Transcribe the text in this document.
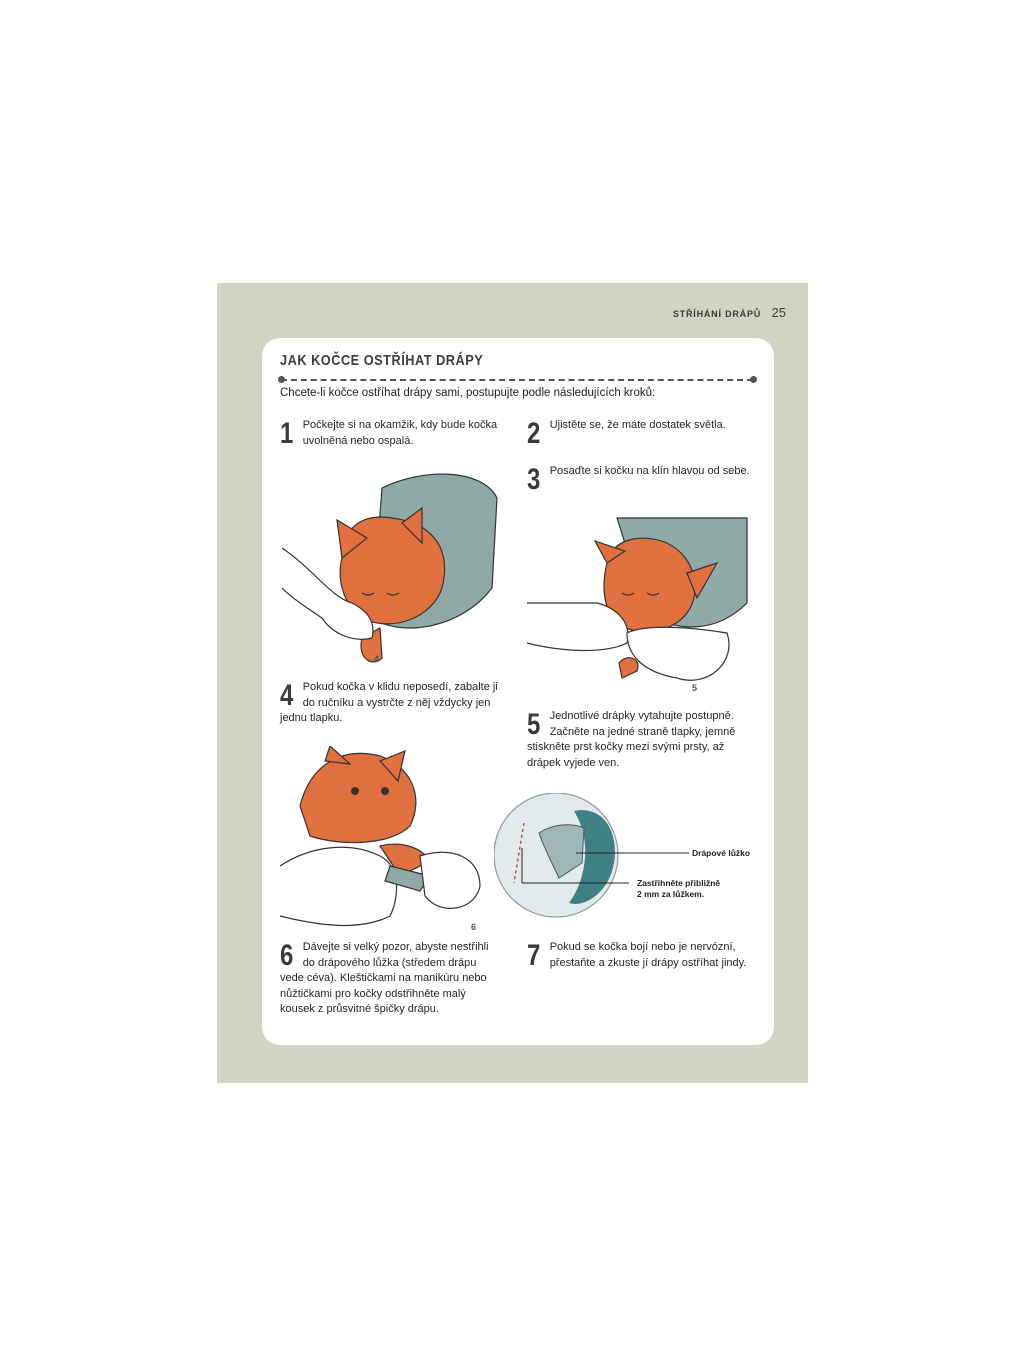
STŘÍHÁNÍ DRÁPŮ 25
JAK KOČCE OSTŘÍHAT DRÁPY
Chcete-li kočce ostříhat drápy sami, postupujte podle následujících kroků:
1 Počkejte si na okamžik, kdy bude kočka uvolněná nebo ospalá.	2 Ujistěte se, že máte dostatek světla.
3 Posaďte si kočku na klín hlavou od sebe.
4
5
4 Pokud kočka v klidu neposedí, zabalte ji do ručníku a vystrčte z něj vždycky jen jednu tlapku.	5 Jednotlivé drápky vytahujte postupně. Začněte na jedné straně tlapky, jemně stiskněte prst kočky mezi svými prsty, až drápek vyjede ven.
6
Drápové lůžko
Zastřihněte přibližně
2 mm za lůžkem.
6 Dávejte si velký pozor, abyste nestřihli do drápového lůžka (středem drápu vede céva). Kleštičkami na manikúru nebo nůžtičkami pro kočky odstřihněte malý kousek z průsvitné špičky drápu.
7 Pokud se kočka bojí nebo je nervózní, přestaňte a zkuste jí drápy ostříhat jindy.
